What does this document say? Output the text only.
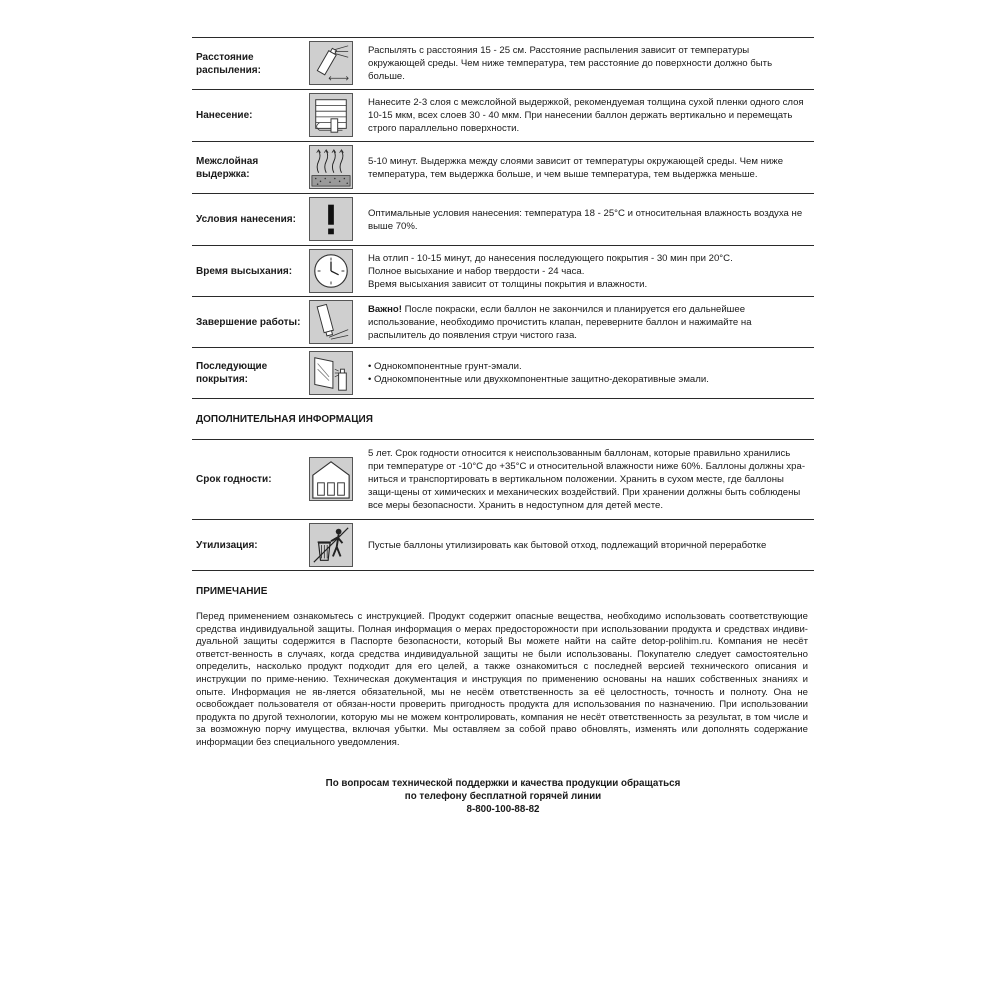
Расстояние распыления:
Распылять с расстояния 15 - 25 см. Расстояние распыления зависит от температуры окружающей среды. Чем ниже температура, тем расстояние до поверхности должно быть больше.
Нанесение:
Нанесите 2-3 слоя с межслойной выдержкой, рекомендуемая толщина сухой пленки одного слоя 10-15 мкм, всех слоев 30 - 40 мкм. При нанесении баллон держать вертикально и перемещать строго параллельно поверхности.
Межслойная выдержка:
5-10 минут. Выдержка между слоями зависит от температуры окружающей среды. Чем ниже температура, тем выдержка больше, и чем выше температура, тем выдержка меньше.
Условия нанесения:
Оптимальные условия нанесения: температура 18 - 25°С и относительная влажность воздуха не выше 70%.
Время высыхания:
На отлип - 10-15 минут, до нанесения последующего покрытия - 30 мин при 20°С.
Полное высыхание и набор твердости - 24 часа.
Время высыхания зависит от толщины покрытия и влажности.
Завершение работы:
Важно! После покраски, если баллон не закончился и планируется его дальнейшее использование, необходимо прочистить клапан, переверните баллон и нажимайте на распылитель до появления струи чистого газа.
Последующие покрытия:
• Однокомпонентные грунт-эмали.
• Однокомпонентные или двухкомпонентные защитно-декоративные эмали.
ДОПОЛНИТЕЛЬНАЯ ИНФОРМАЦИЯ
Срок годности:
5 лет. Срок годности относится к неиспользованным баллонам, которые правильно хранились при температуре от -10°С до +35°С и относительной влажности ниже 60%. Баллоны должны хра-ниться и транспортировать в вертикальном положении. Хранить в сухом месте, где баллоны защи-щены от химических и механических воздействий. При хранении должны быть соблюдены все меры безопасности. Хранить в недоступном для детей месте.
Утилизация:	Пустые баллоны утилизировать как бытовой отход, подлежащий вторичной переработке
ПРИМЕЧАНИЕ
Перед применением ознакомьтесь с инструкцией. Продукт содержит опасные вещества, необходимо использовать соответствующие средства индивидуальной защиты. Полная информация о мерах предосторожности при использовании продукта и средствах индиви-дуальной защиты содержится в Паспорте безопасности, который Вы можете найти на сайте detop-polihim.ru. Компания не несёт ответст-венность в случаях, когда средства индивидуальной защиты не были использованы. Покупателю следует самостоятельно определить, насколько продукт подходит для его целей, а также ознакомиться с последней версией технического описания и инструкции по приме-нению. Техническая документация и инструкция по применению основаны на наших собственных знаниях и опыте. Информация не яв-ляется обязательной, мы не несём ответственность за её целостность, точность и полноту. Она не освобождает пользователя от обязан-ности проверить пригодность продукта для использования по назначению. При использовании продукта по другой технологии, которую мы не можем контролировать, компания не несёт ответственность за результат, в том числе и за возможную порчу имущества, включая убытки. Мы оставляем за собой право обновлять, изменять или дополнять содержание информации без специального уведомления.
По вопросам технической поддержки и качества продукции обращаться
по телефону бесплатной горячей линии
8-800-100-88-82
